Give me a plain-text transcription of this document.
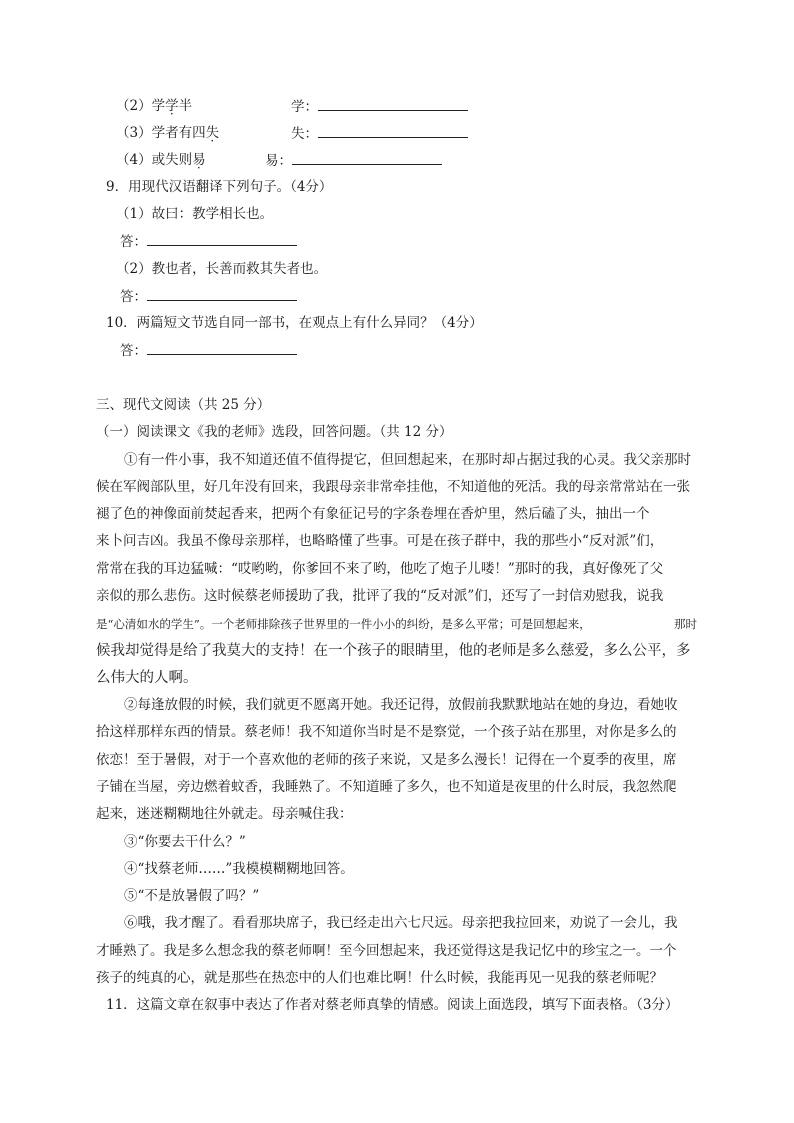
（2）学学半	学：
（3）学者有四失	失：
（4）或失则易	易：
9．用现代汉语翻译下列句子。（4分）
（1）故曰：教学相长也。
答：
（2）教也者，长善而救其失者也。
答：
10．两篇短文节选自同一部书，在观点上有什么异同？（4分）
答：
三、现代文阅读（共 25 分）
（一）阅读课文《我的老师》选段，回答问题。（共 12 分）
①有一件小事，我不知道还值不值得提它，但回想起来，在那时却占据过我的心灵。我父亲那时
候在军阀部队里，好几年没有回来，我跟母亲非常牵挂他，不知道他的死活。我的母亲常常站在一张
褪了色的神像面前焚起香来，把两个有象征记号的字条卷埋在香炉里，然后磕了头，抽出一个
来卜问吉凶。我虽不像母亲那样，也略略懂了些事。可是在孩子群中，我的那些小“反对派”们，
常常在我的耳边猛喊：“哎哟哟，你爹回不来了哟，他吃了炮子儿喽！”那时的我，真好像死了父
亲似的那么悲伤。这时候蔡老师援助了我，批评了我的“反对派”们，还写了一封信劝慰我，说我
是“心清如水的学生”。一个老师排除孩子世界里的一件小小的纠纷，是多么平常；可是回想起来，	那时
候我却觉得是给了我莫大的支持！在一个孩子的眼睛里，他的老师是多么慈爱，多么公平，多
么伟大的人啊。
②每逢放假的时候，我们就更不愿离开她。我还记得，放假前我默默地站在她的身边，看她收
拾这样那样东西的情景。蔡老师！我不知道你当时是不是察觉，一个孩子站在那里，对你是多么的
依恋！至于暑假，对于一个喜欢他的老师的孩子来说，又是多么漫长！记得在一个夏季的夜里，席
子铺在当屋，旁边燃着蚊香，我睡熟了。不知道睡了多久，也不知道是夜里的什么时辰，我忽然爬
起来，迷迷糊糊地往外就走。母亲喊住我：
③“你要去干什么？”
④“找蔡老师……”我模模糊糊地回答。
⑤“不是放暑假了吗？”
⑥哦，我才醒了。看看那块席子，我已经走出六七尺远。母亲把我拉回来，劝说了一会儿，我
才睡熟了。我是多么想念我的蔡老师啊！至今回想起来，我还觉得这是我记忆中的珍宝之一。一个
孩子的纯真的心，就是那些在热恋中的人们也难比啊！什么时候，我能再见一见我的蔡老师呢？
11．这篇文章在叙事中表达了作者对蔡老师真挚的情感。阅读上面选段，填写下面表格。（3分）
